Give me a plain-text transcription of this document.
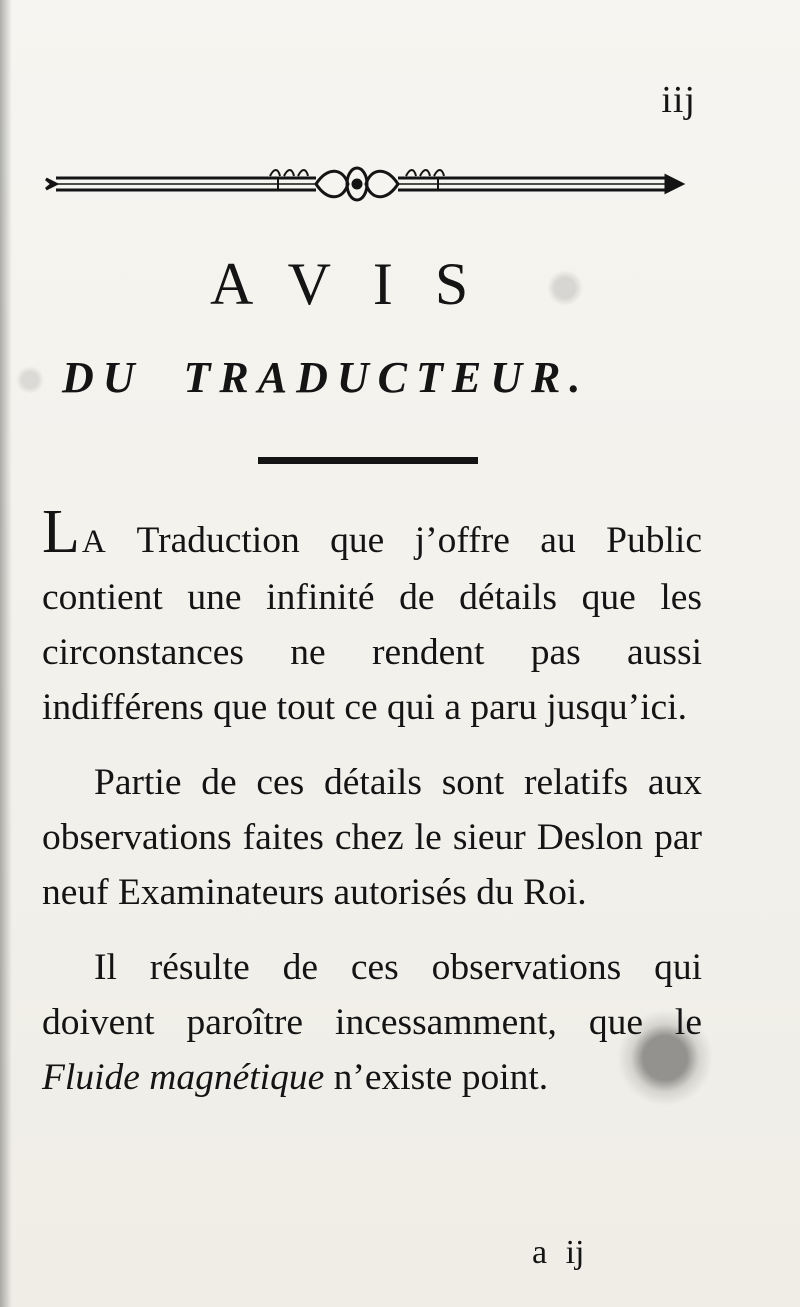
iij
AVIS
DU TRADUCTEUR.

LA Traduction que j’offre au Public contient une infinité de détails que les circonstances ne rendent pas aussi indifférens que tout ce qui a paru jusqu’ici.

Partie de ces détails sont relatifs aux observations faites chez le sieur Deslon par neuf Examinateurs autorisés du Roi.

Il résulte de ces observations qui doivent paroître incessamment, que le Fluide magnétique n’existe point.

a ij
